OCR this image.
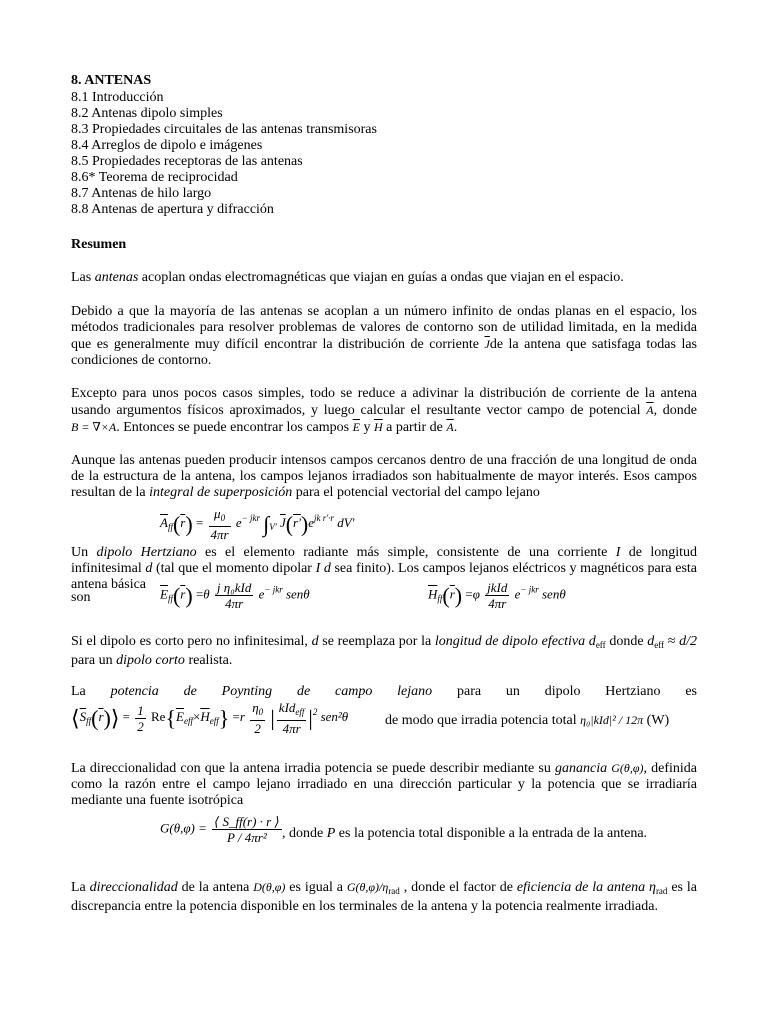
8. ANTENAS
8.1 Introducción
8.2 Antenas dipolo simples
8.3 Propiedades circuitales de las antenas transmisoras
8.4 Arreglos de dipolo e imágenes
8.5 Propiedades receptoras de las antenas
8.6* Teorema de reciprocidad
8.7 Antenas de hilo largo
8.8 Antenas de apertura y difracción
Resumen
Las antenas acoplan ondas electromagnéticas que viajan en guías a ondas que viajan en el espacio.
Debido a que la mayoría de las antenas se acoplan a un número infinito de ondas planas en el espacio, los métodos tradicionales para resolver problemas de valores de contorno son de utilidad limitada, en la medida que es generalmente muy difícil encontrar la distribución de corriente $\overline{J}de$ la antena que satisfaga todas las condiciones de contorno.
Excepto para unos pocos casos simples, todo se reduce a adivinar la distribución de corriente de la antena usando argumentos físicos aproximados, y luego calcular el resultante vector campo de potencial $\overline{A}$, donde B = ∇×A. Entonces se puede encontrar los campos $\overline{E}$ y $\overline{H}$ a partir de $\overline{A}$.
Aunque las antenas pueden producir intensos campos cercanos dentro de una fracción de una longitud de onda de la estructura de la antena, los campos lejanos irradiados son habitualmente de mayor interés. Esos campos resultan de la integral de superposición para el potencial vectorial del campo lejano
$\overline{A}_{ff}(\overline{r}) = \frac{\mu_0}{4\pi r} e^{- jkr}$ $\int_{V'}$ $\overline{J}(r')e^{jk r'\cdot r}$ dV'
Un dipolo Hertziano es el elemento radiante más simple, consistente de una corriente I de longitud infinitesimal d (tal que el momento dipolar I d sea finito). Los campos lejanos eléctricos y magnéticos para esta antena básica
son	$\overline{E}_{ff}(\overline{r}) =\theta \frac{\text{j η₀kId}}{4\pi r} e^{- jkr}$ senθ	$\overline{H}_{ff}(\overline{r}) =\varphi \frac{\text{jkId}}{4\pi r} e^{- jkr}$ senθ
Si el dipolo es corto pero no infinitesimal, d se reemplaza por la longitud de dipolo efectiva $d_{eff}$ donde $d_{eff} \approx d/2$ para un dipolo corto realista.
La potencia de Poynting de campo lejano para un dipolo Hertziano es
$⟨\overline{S}_{ff}(\overline{r})⟩ = \frac{1}{2} Re\{\overline{E}_{eff}\times\overline{H}_{eff}\} =r \frac{\eta_0}{2}$ | $\frac{kId_{eff}}{4\pi r} |^2$ sen²θ	de modo que irradia potencia total η₀|kId|² / 12π (W)
La direccionalidad con que la antena irradia potencia se puede describir mediante su ganancia G(θ,φ), definida como la razón entre el campo lejano irradiado en una dirección particular y la potencia que se irradiaría mediante una fuente isotrópica
$G(\theta,\varphi) = \frac{⟨ S\_ff(r) \cdot r ⟩}{\text{P / 4πr²}}$ , donde P es la potencia total disponible a la entrada de la antena.
La direccionalidad de la antena D(θ,φ) es igual a $G(\theta,\varphi)/\eta_{rad}$ , donde el factor de eficiencia de la antena $\eta_{rad}$ es la discrepancia entre la potencia disponible en los terminales de la antena y la potencia realmente irradiada.
